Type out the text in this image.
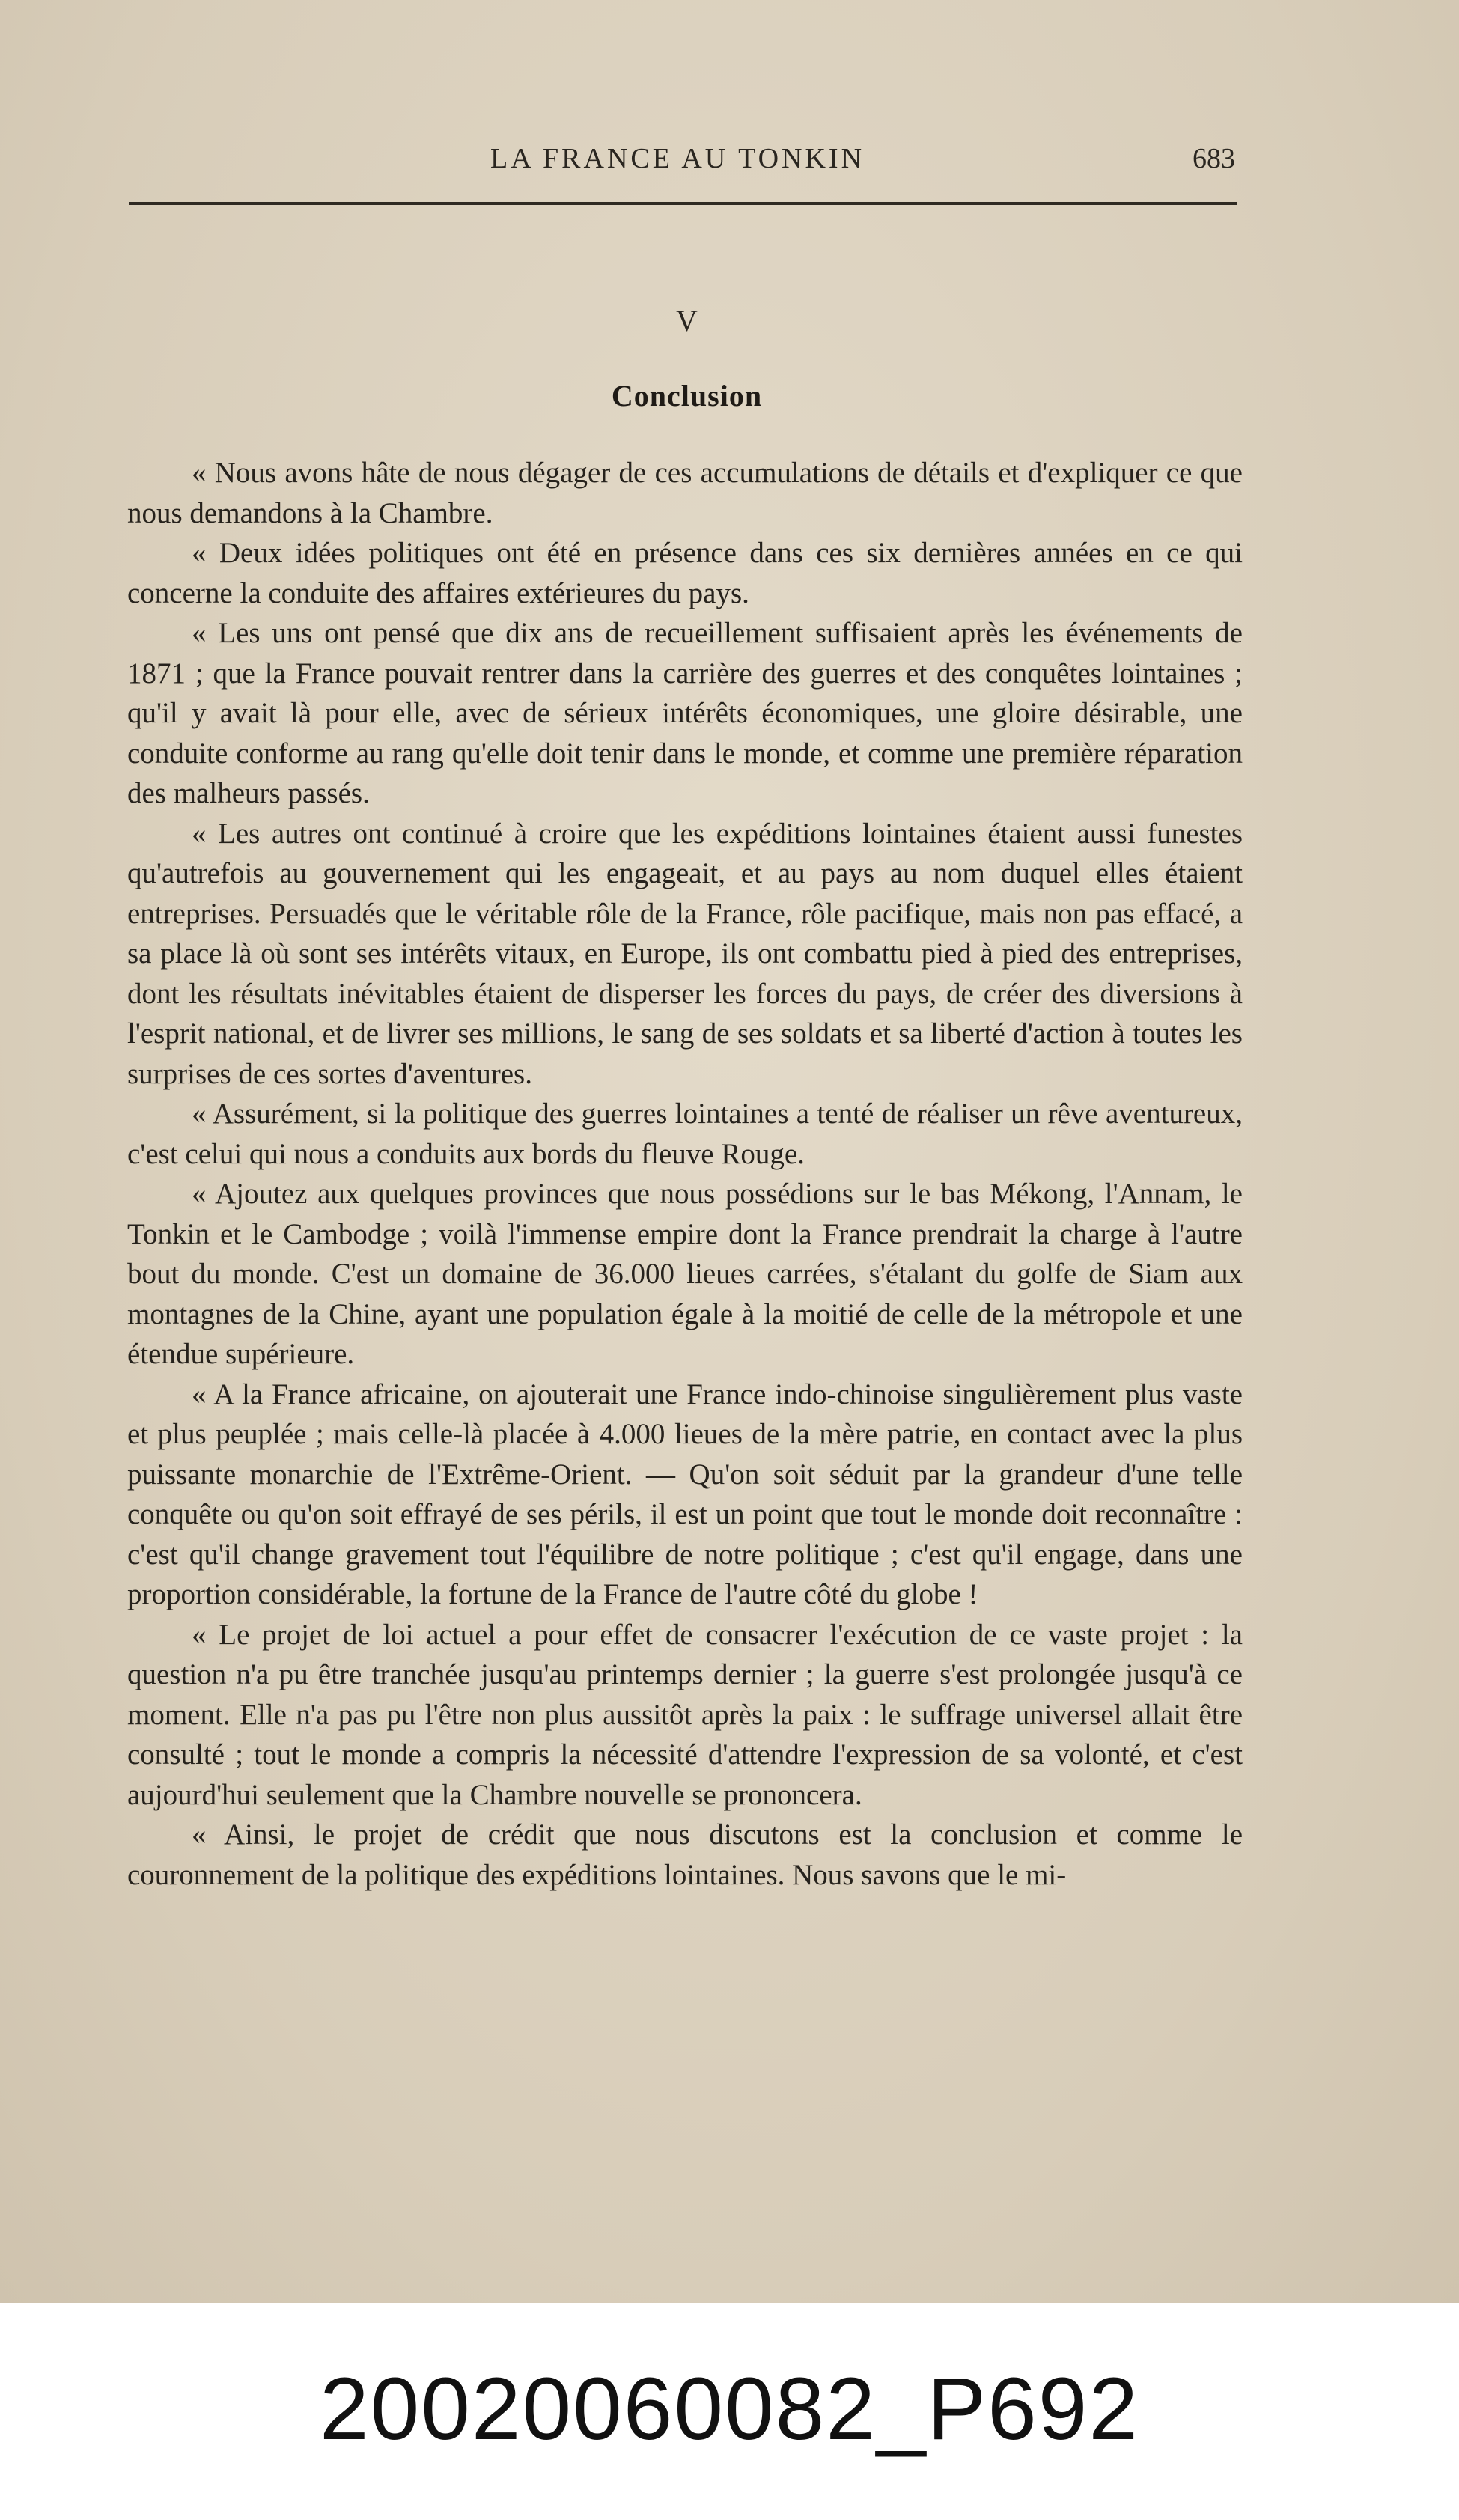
LA FRANCE AU TONKIN	683
V
Conclusion

« Nous avons hâte de nous dégager de ces accumulations de détails et d'expliquer ce que nous demandons à la Chambre.

« Deux idées politiques ont été en présence dans ces six dernières années en ce qui concerne la conduite des affaires extérieures du pays.

« Les uns ont pensé que dix ans de recueillement suffisaient après les événements de 1871 ; que la France pouvait rentrer dans la carrière des guerres et des conquêtes lointaines ; qu'il y avait là pour elle, avec de sérieux intérêts économiques, une gloire désirable, une conduite conforme au rang qu'elle doit tenir dans le monde, et comme une première réparation des malheurs passés.

« Les autres ont continué à croire que les expéditions lointaines étaient aussi funestes qu'autrefois au gouvernement qui les engageait, et au pays au nom duquel elles étaient entreprises. Persuadés que le véritable rôle de la France, rôle pacifique, mais non pas effacé, a sa place là où sont ses intérêts vitaux, en Europe, ils ont combattu pied à pied des entreprises, dont les résultats inévitables étaient de disperser les forces du pays, de créer des diversions à l'esprit national, et de livrer ses millions, le sang de ses soldats et sa liberté d'action à toutes les surprises de ces sortes d'aventures.

« Assurément, si la politique des guerres lointaines a tenté de réaliser un rêve aventureux, c'est celui qui nous a conduits aux bords du fleuve Rouge.

« Ajoutez aux quelques provinces que nous possédions sur le bas Mékong, l'Annam, le Tonkin et le Cambodge ; voilà l'immense empire dont la France prendrait la charge à l'autre bout du monde. C'est un domaine de 36.000 lieues carrées, s'étalant du golfe de Siam aux montagnes de la Chine, ayant une population égale à la moitié de celle de la métropole et une étendue supérieure.

« A la France africaine, on ajouterait une France indo-chinoise singulièrement plus vaste et plus peuplée ; mais celle-là placée à 4.000 lieues de la mère patrie, en contact avec la plus puissante monarchie de l'Extrême-Orient. — Qu'on soit séduit par la grandeur d'une telle conquête ou qu'on soit effrayé de ses périls, il est un point que tout le monde doit reconnaître : c'est qu'il change gravement tout l'équilibre de notre politique ; c'est qu'il engage, dans une proportion considérable, la fortune de la France de l'autre côté du globe !

« Le projet de loi actuel a pour effet de consacrer l'exécution de ce vaste projet : la question n'a pu être tranchée jusqu'au printemps dernier ; la guerre s'est prolongée jusqu'à ce moment. Elle n'a pas pu l'être non plus aussitôt après la paix : le suffrage universel allait être consulté ; tout le monde a compris la nécessité d'attendre l'expression de sa volonté, et c'est aujourd'hui seulement que la Chambre nouvelle se prononcera.

« Ainsi, le projet de crédit que nous discutons est la conclusion et comme le couronnement de la politique des expéditions lointaines. Nous savons que le mi-

20020060082_P692
